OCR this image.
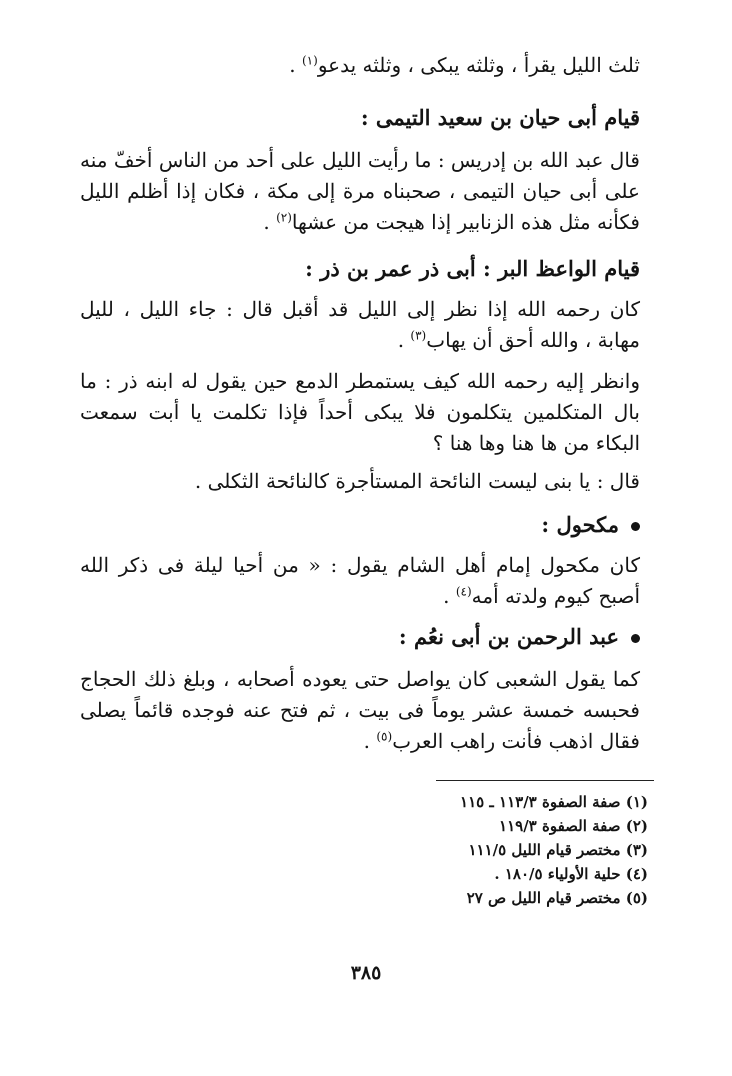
ثلث الليل يقرأ ، وثلثه يبكى ، وثلثه يدعو$^{(١)}$ .
قيام أبى حيان بن سعيد التيمى :
قال عبد الله بن إدريس : ما رأيت الليل على أحد من الناس أخفّ منه على أبى حيان التيمى ، صحبناه مرة إلى مكة ، فكان إذا أظلم الليل فكأنه مثل هذه الزنابير إذا هيجت من عشها$^{(٢)}$ .
قيام الواعظ البر : أبى ذر عمر بن ذر :
كان رحمه الله إذا نظر إلى الليل قد أقبل قال : جاء الليل ، لليل مهابة ، والله أحق أن يهاب$^{(٣)}$ .
وانظر إليه رحمه الله كيف يستمطر الدمع حين يقول له ابنه ذر : ما بال المتكلمين يتكلمون فلا يبكى أحداً فإذا تكلمت يا أبت سمعت البكاء من ها هنا وها هنا ؟
قال : يا بنى ليست النائحة المستأجرة كالنائحة الثكلى .
مكحول :
كان مكحول إمام أهل الشام يقول : « من أحيا ليلة فى ذكر الله أصبح كيوم ولدته أمه$^{(٤)}$ .
عبد الرحمن بن أبى نعُم :
كما يقول الشعبى كان يواصل حتى يعوده أصحابه ، وبلغ ذلك الحجاج فحبسه خمسة عشر يوماً فى بيت ، ثم فتح عنه فوجده قائماً يصلى فقال اذهب فأنت راهب العرب$^{(٥)}$ .
(١) صفة الصفوة ١١٣/٣ ـ ١١٥
(٢) صفة الصفوة ١١٩/٣
(٣) مختصر قيام الليل ١١١/٥
(٤) حلية الأولياء ١٨٠/٥ .
(٥) مختصر قيام الليل ص ٢٧
٣٨٥
